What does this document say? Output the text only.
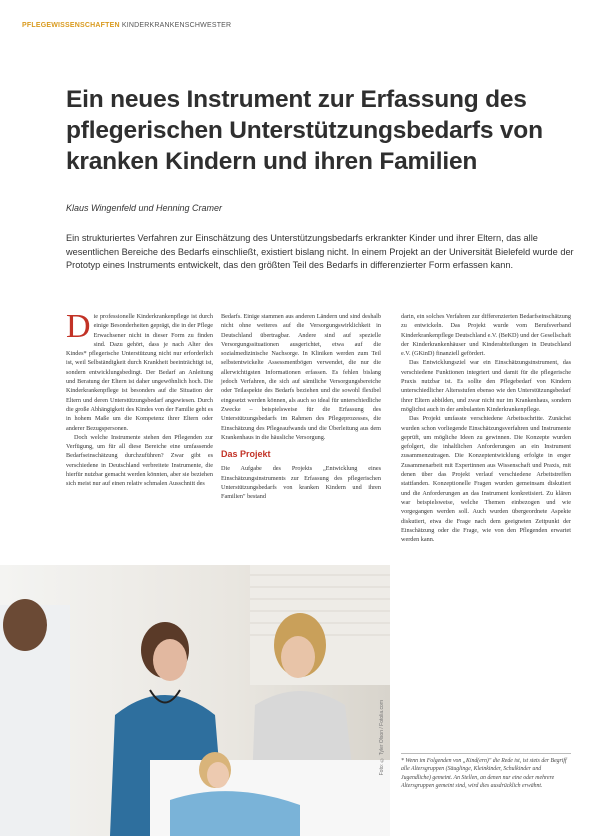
PFLEGEWISSENSCHAFTEN KINDERKRANKENSCHWESTER
Ein neues Instrument zur Erfassung des pflegerischen Unterstützungsbedarfs von kranken Kindern und ihren Familien
Klaus Wingenfeld und Henning Cramer
Ein strukturiertes Verfahren zur Einschätzung des Unterstützungsbedarfs erkrankter Kinder und ihrer Eltern, das alle wesentlichen Bereiche des Bedarfs einschließt, existiert bislang nicht. In einem Projekt an der Universität Bielefeld wurde der Prototyp eines Instruments entwickelt, das den größten Teil des Bedarfs in differenzierter Form erfassen kann.
D ie professionelle Kinderkrankenpflege ist durch einige Besonderheiten geprägt, die in der Pflege Erwachsener nicht in dieser Form zu finden sind. Dazu gehört, dass je nach Alter des Kindes* pflegerische Unterstützung nicht nur erforderlich ist, weil Selbständigkeit durch Krankheit beeinträchtigt ist, sondern entwicklungsbedingt. Der Bedarf an Anleitung und Beratung der Eltern ist daher ungewöhnlich hoch. Die Kinderkrankenpflege ist besonders auf die Situation der Eltern und deren Unterstützungsbedarf angewiesen. Durch die große Abhängigkeit des Kindes von der Familie geht es in hohem Maße um die Kompetenz ihrer Eltern oder anderer Bezugspersonen.

Doch welche Instrumente stehen den Pflegenden zur Verfügung, um für all diese Bereiche eine umfassende Bedarfseinschätzung durchzuführen? Zwar gibt es verschiedene in Deutschland verbreitete Instrumente, die hierfür nutzbar gemacht werden könnten, aber sie beziehen sich meist nur auf einen relativ schmalen Ausschnitt des

Bedarfs. Einige stammen aus anderen Ländern und sind deshalb nicht ohne weiteres auf die Versorgungswirklichkeit in Deutschland übertragbar. Andere sind auf spezielle Versorgungssituationen ausgerichtet, etwa auf die sozialmedizinische Nachsorge. In Kliniken werden zum Teil selbstentwickelte Assessmentbögen verwendet, die nur die allerwichtigsten Informationen erfassen. Es fehlen bislang jedoch Verfahren, die sich auf sämtliche Versorgungsbereiche oder Teilaspekte des Bedarfs beziehen und die sowohl flexibel eingesetzt werden können, als auch so ideal für unterschiedliche Zwecke – beispielsweise für die Erfassung des Unterstützungsbedarfs im Rahmen des Pflegeprozesses, die Einschätzung des Pflegeaufwands und die Überleitung aus dem Krankenhaus in die häusliche Versorgung.

Das Projekt

Die Aufgabe des Projekts „Entwicklung eines Einschätzungsinstruments zur Erfassung des pflegerischen Unterstützungsbedarfs von kranken Kindern und ihren Familien" bestand

darin, ein solches Verfahren zur differenzierten Bedarfseinschätzung zu entwickeln. Das Projekt wurde vom Berufsverband Kinderkrankenpflege Deutschland e.V. (BeKD) und der Gesellschaft der Kinderkrankenhäuser und Kinderabteilungen in Deutschland e.V. (GKinD) finanziell gefördert.

Das Entwicklungsziel war ein Einschätzungsinstrument, das verschiedene Funktionen integriert und damit für die pflegerische Praxis nutzbar ist. Es sollte den Pflegebedarf von Kindern unterschiedlicher Altersstufen ebenso wie den Unterstützungsbedarf ihrer Eltern abbilden, und zwar nicht nur im Krankenhaus, sondern möglichst auch in der ambulanten Kinderkrankenpflege.

Das Projekt umfasste verschiedene Arbeitsschritte. Zunächst wurden schon vorliegende Einschätzungsverfahren und Instrumente geprüft, um mögliche Ideen zu gewinnen. Die Konzepte wurden gefolgert, die inhaltlichen Anforderungen an ein Instrument zusammenzutragen. Die Konzeptentwicklung erfolgte in enger Zusammenarbeit mit Expertinnen aus Wissenschaft und Praxis, mit denen über das Projekt verlauf verschiedene Arbeitstreffen stattfanden. Konzeptionelle Fragen wurden gemeinsam diskutiert und die Anforderungen an das Instrument konkretisiert. Zu klären war beispielsweise, welche Themen einbezogen und wie vorgegangen werden soll. Auch wurden übergeordnete Aspekte diskutiert, etwa die Frage nach dem geeigneten Zeitpunkt der Einschätzung oder die Frage, wie von den Pflegenden erwartet werden kann.

* Wenn im Folgenden von „Kind(ern)" die Rede ist, ist stets der Begriff alle Altersgruppen (Säuglinge, Kleinkinder, Schulkinder und Jugendliche) gemeint. An Stellen, an denen nur eine oder mehrere Altersgruppen gemeint sind, wird dies ausdrücklich erwähnt.
Foto: © Tyler Olson / Fotolia.com
